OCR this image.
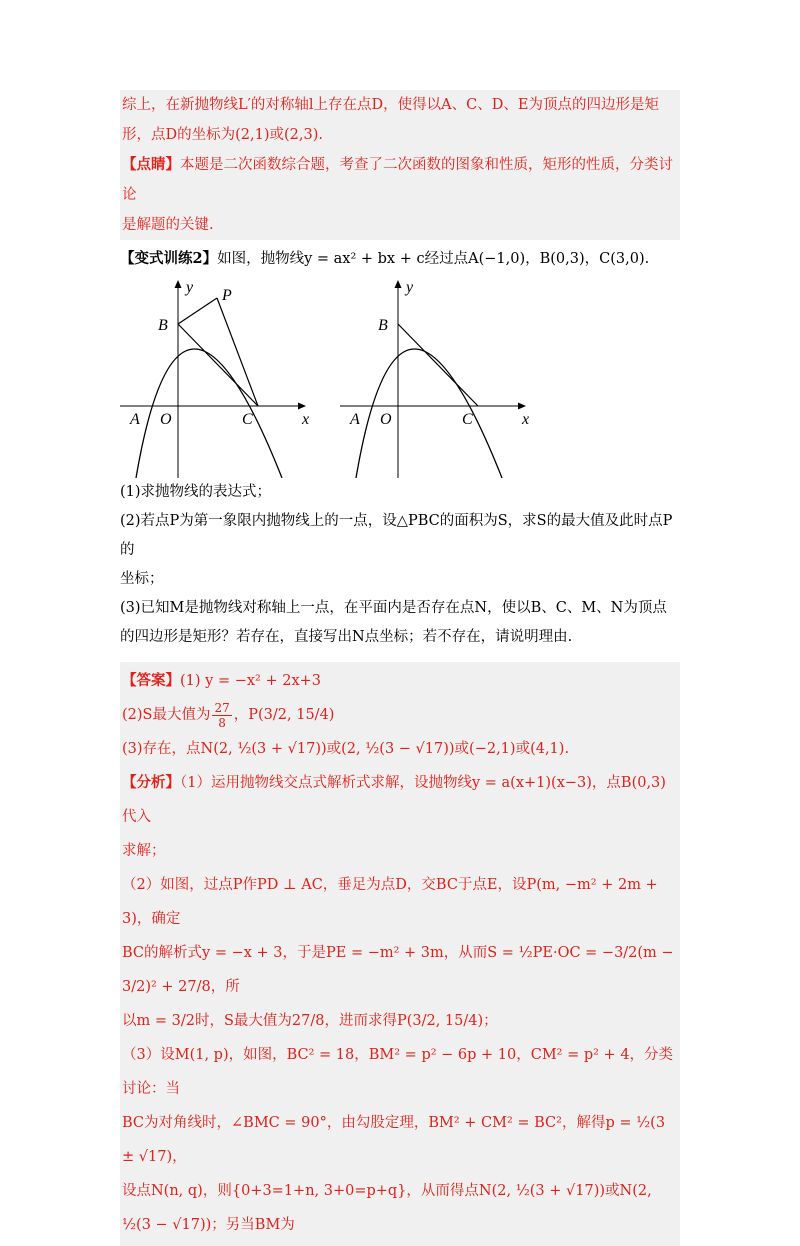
综上，在新抛物线L′的对称轴l上存在点D，使得以A、C、D、E为顶点的四边形是矩

形，点D的坐标为(2,1)或(2,3).

【点睛】本题是二次函数综合题，考查了二次函数的图象和性质，矩形的性质，分类讨论

是解题的关键.

【变式训练2】如图，抛物线y = ax² + bx + c经过点A(−1,0)，B(0,3)，C(3,0).

y P
B
A O	C	x
y
B
A O	C	x

(1)求抛物线的表达式；

(2)若点P为第一象限内抛物线上的一点，设△PBC的面积为S，求S的最大值及此时点P的

坐标；

(3)已知M是抛物线对称轴上一点，在平面内是否存在点N，使以B、C、M、N为顶点

的四边形是矩形？若存在，直接写出N点坐标；若不存在，请说明理由.

【答案】(1) y = −x² + 2x+3

(2)S最大值为 $\frac{27}{8}$ ，P(3/2, 15/4)

(3)存在，点N(2, ½(3 + √17))或(2, ½(3 − √17))或(−2,1)或(4,1).

【分析】（1）运用抛物线交点式解析式求解，设抛物线y = a(x+1)(x−3)，点B(0,3)代入

求解；

（2）如图，过点P作PD ⊥ AC，垂足为点D，交BC于点E，设P(m, −m² + 2m + 3)，确定

BC的解析式y = −x + 3，于是PE = −m² + 3m，从而S = ½PE·OC = −3/2(m − 3/2)² + 27/8，所

以m = 3/2时，S最大值为27/8，进而求得P(3/2, 15/4)；

（3）设M(1, p)，如图，BC² = 18，BM² = p² − 6p + 10，CM² = p² + 4，分类讨论：当

BC为对角线时，∠BMC = 90°，由勾股定理，BM² + CM² = BC²，解得p = ½(3 ± √17)，

设点N(n, q)，则{0+3=1+n, 3+0=p+q}，从而得点N(2, ½(3 + √17))或N(2, ½(3 − √17))；另当BM为
